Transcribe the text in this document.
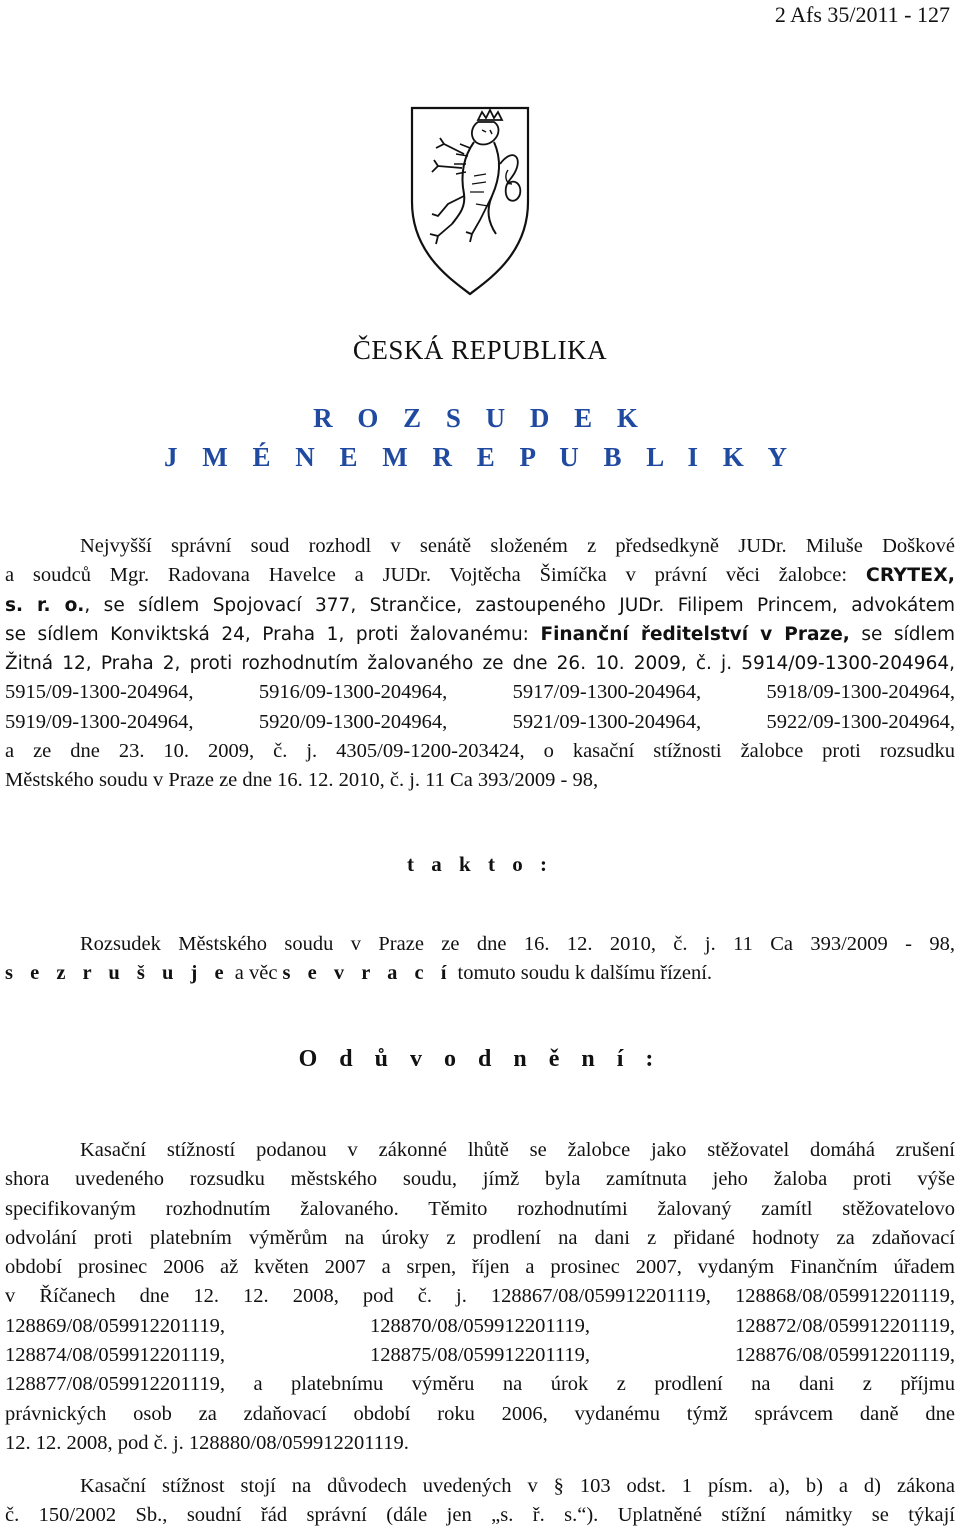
2 Afs 35/2011 - 127
ČESKÁ REPUBLIKA
R O Z S U D E K
J M É N E M R E P U B L I K Y
Nejvyšší správní soud rozhodl v senátě složeném z předsedkyně JUDr. Miluše Doškové
a soudců Mgr. Radovana Havelce a JUDr. Vojtěcha Šimíčka v právní věci žalobce: CRYTEX,
s. r. o., se sídlem Spojovací 377, Strančice, zastoupeného JUDr. Filipem Princem, advokátem
se sídlem Konviktská 24, Praha 1, proti žalovanému: Finanční ředitelství v Praze, se sídlem
Žitná 12, Praha 2, proti rozhodnutím žalovaného ze dne 26. 10. 2009, č. j. 5914/09-1300-204964,
5915/09-1300-204964, 5916/09-1300-204964, 5917/09-1300-204964, 5918/09-1300-204964,
5919/09-1300-204964, 5920/09-1300-204964, 5921/09-1300-204964, 5922/09-1300-204964,
a ze dne 23. 10. 2009, č. j. 4305/09-1200-203424, o kasační stížnosti žalobce proti rozsudku
Městského soudu v Praze ze dne 16. 12. 2010, č. j. 11 Ca 393/2009 - 98,
t a k t o :
Rozsudek Městského soudu v Praze ze dne 16. 12. 2010, č. j. 11 Ca 393/2009 - 98,
s e z r u š u j e a věc s e v r a c í tomuto soudu k dalšímu řízení.
O d ů v o d n ě n í :
Kasační stížností podanou v zákonné lhůtě se žalobce jako stěžovatel domáhá zrušení
shora uvedeného rozsudku městského soudu, jímž byla zamítnuta jeho žaloba proti výše
specifikovaným rozhodnutím žalovaného. Těmito rozhodnutími žalovaný zamítl stěžovatelovo
odvolání proti platebním výměrům na úroky z prodlení na dani z přidané hodnoty za zdaňovací
období prosinec 2006 až květen 2007 a srpen, říjen a prosinec 2007, vydaným Finančním úřadem
v Říčanech dne 12. 12. 2008, pod č. j. 128867/08/059912201119, 128868/08/059912201119,
128869/08/059912201119, 128870/08/059912201119, 128872/08/059912201119,
128874/08/059912201119, 128875/08/059912201119, 128876/08/059912201119,
128877/08/059912201119, a platebnímu výměru na úrok z prodlení na dani z příjmu
právnických osob za zdaňovací období roku 2006, vydanému týmž správcem daně dne
12. 12. 2008, pod č. j. 128880/08/059912201119.
Kasační stížnost stojí na důvodech uvedených v § 103 odst. 1 písm. a), b) a d) zákona
č. 150/2002 Sb., soudní řád správní (dále jen „s. ř. s.“). Uplatněné stížní námitky se týkají
